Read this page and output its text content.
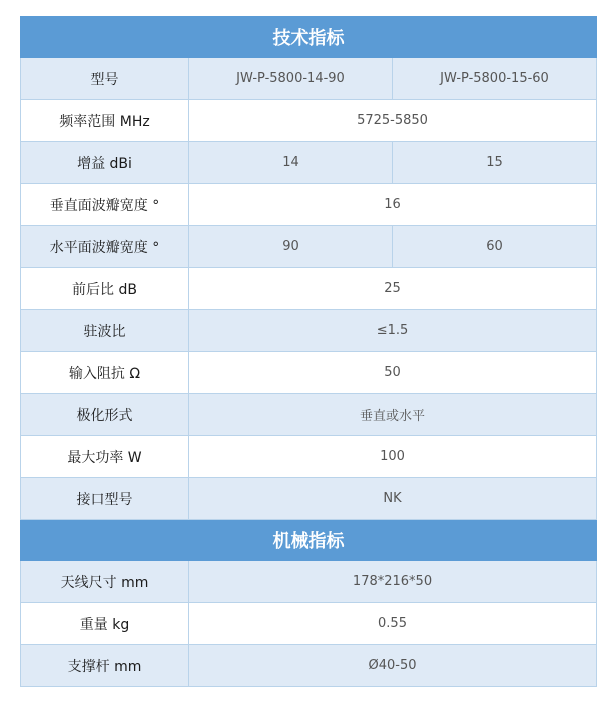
技术指标		
型号	JW-P-5800-14-90	JW-P-5800-15-60
频率范围 MHz	5725-5850	
增益 dBi	14	15
垂直面波瓣宽度 °	16	
水平面波瓣宽度 °	90	60
前后比 dB	25	
驻波比	≤1.5	
输入阻抗 Ω	50	
极化形式	垂直或水平	
最大功率 W	100	
接口型号	NK	
机械指标		
天线尺寸 mm	178*216*50	
重量 kg	0.55	
支撑杆 mm	Ø40-50	
